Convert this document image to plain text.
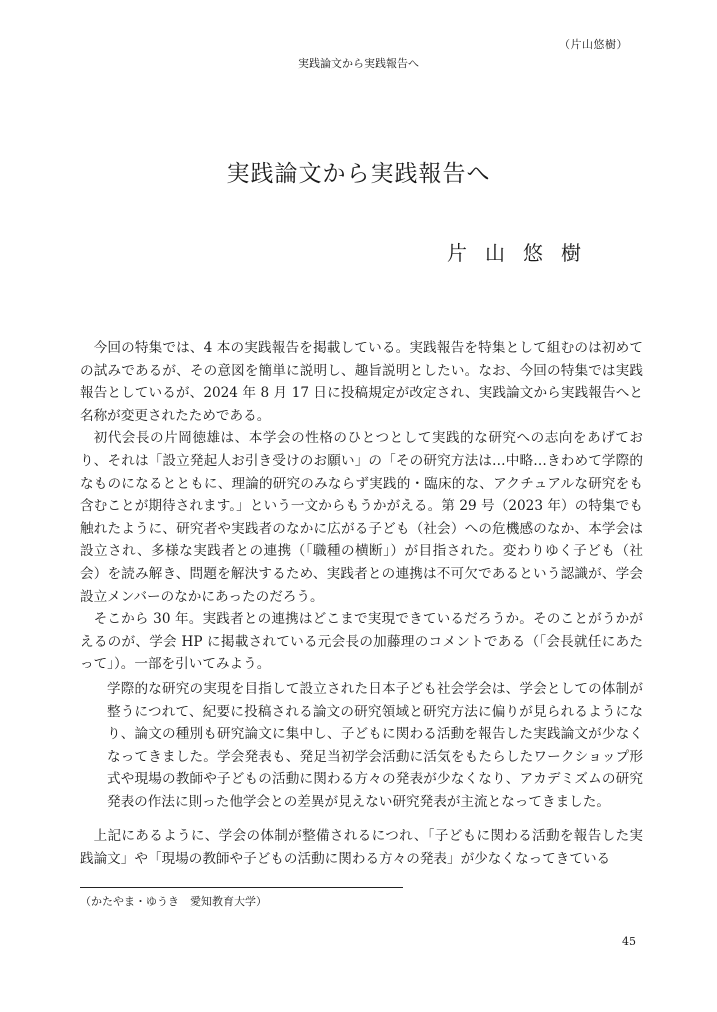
（片山悠樹）
実践論文から実践報告へ
実践論文から実践報告へ
片山悠樹

今回の特集では、4 本の実践報告を掲載している。実践報告を特集として組むのは初めての試みであるが、その意図を簡単に説明し、趣旨説明としたい。なお、今回の特集では実践報告としているが、2024 年 8 月 17 日に投稿規定が改定され、実践論文から実践報告へと名称が変更されたためである。

初代会長の片岡徳雄は、本学会の性格のひとつとして実践的な研究への志向をあげており、それは「設立発起人お引き受けのお願い」の「その研究方法は…中略…きわめて学際的なものになるとともに、理論的研究のみならず実践的・臨床的な、アクチュアルな研究をも含むことが期待されます。」という一文からもうかがえる。第 29 号（2023 年）の特集でも触れたように、研究者や実践者のなかに広がる子ども（社会）への危機感のなか、本学会は設立され、多様な実践者との連携（「職種の横断」）が目指された。変わりゆく子ども（社会）を読み解き、問題を解決するため、実践者との連携は不可欠であるという認識が、学会設立メンバーのなかにあったのだろう。

そこから 30 年。実践者との連携はどこまで実現できているだろうか。そのことがうかがえるのが、学会 HP に掲載されている元会長の加藤理のコメントである（「会長就任にあたって」）。一部を引いてみよう。

学際的な研究の実現を目指して設立された日本子ども社会学会は、学会としての体制が整うにつれて、紀要に投稿される論文の研究領域と研究方法に偏りが見られるようになり、論文の種別も研究論文に集中し、子どもに関わる活動を報告した実践論文が少なくなってきました。学会発表も、発足当初学会活動に活気をもたらしたワークショップ形式や現場の教師や子どもの活動に関わる方々の発表が少なくなり、アカデミズムの研究発表の作法に則った他学会との差異が見えない研究発表が主流となってきました。

上記にあるように、学会の体制が整備されるにつれ、「子どもに関わる活動を報告した実践論文」や「現場の教師や子どもの活動に関わる方々の発表」が少なくなってきている

（かたやま・ゆうき　愛知教育大学）
45
